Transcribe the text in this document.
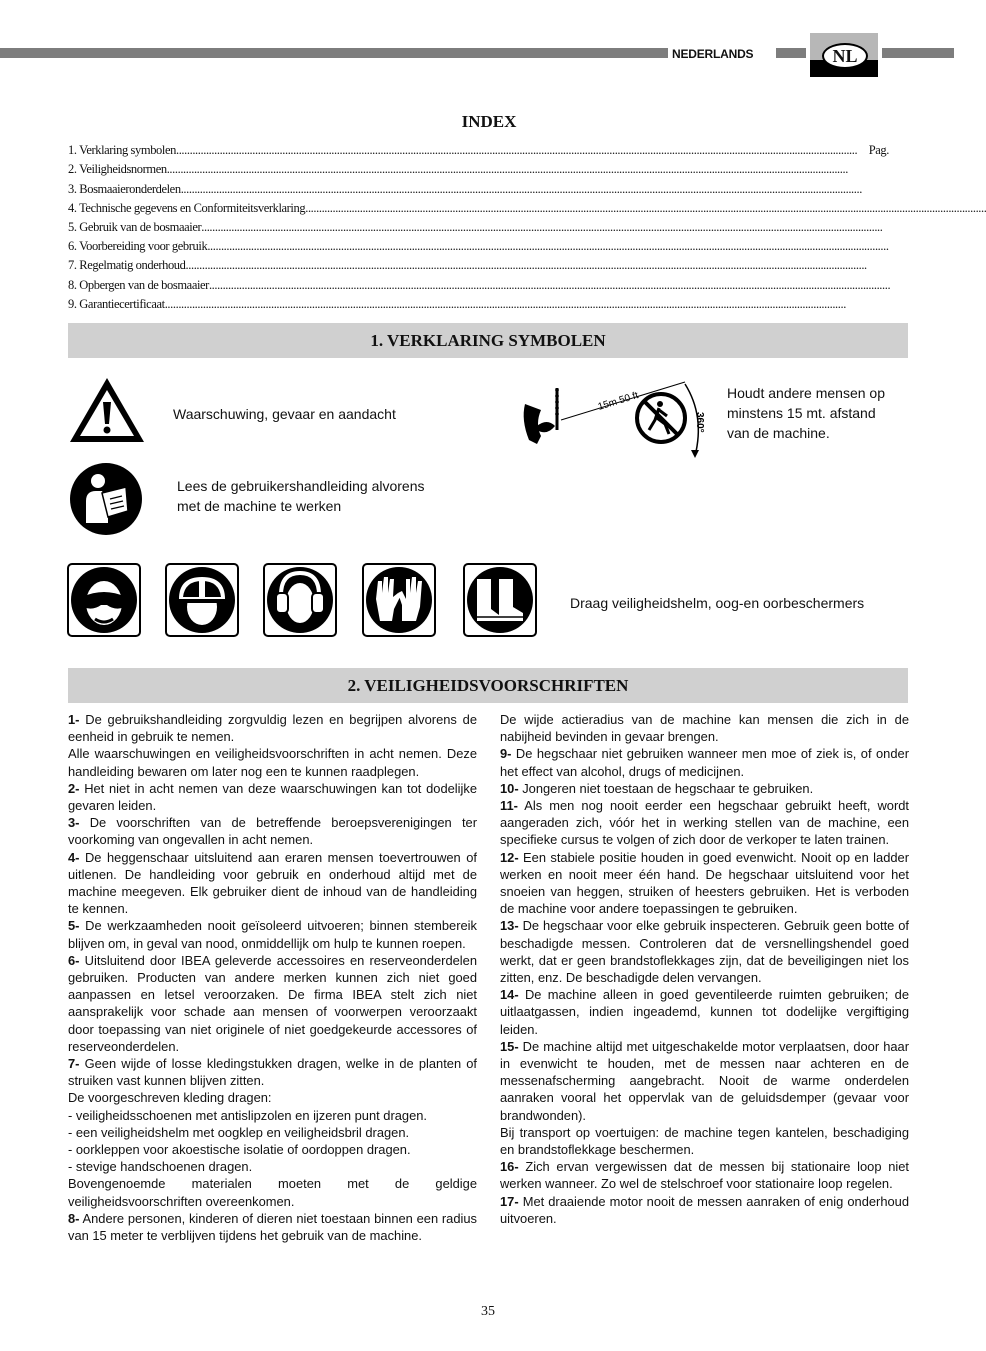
NEDERLANDS	NL
INDEX
1. Verklaring symbolen .......................................................................................................................................................................................................................................................... Pag.
2. Veiligheidsnormen ..........................................................................................................................................................................................................................................................
3. Bosmaaieronderdelen ..........................................................................................................................................................................................................................................................
4. Technische gegevens en Conformiteitsverklaring ..........................................................................................................................................................................................................................................................
5. Gebruik van de bosmaaier ..........................................................................................................................................................................................................................................................
6. Voorbereiding voor gebruik ..........................................................................................................................................................................................................................................................
7. Regelmatig onderhoud ..........................................................................................................................................................................................................................................................
8. Opbergen van de bosmaaier ..........................................................................................................................................................................................................................................................
9. Garantiecertificaat ..........................................................................................................................................................................................................................................................
1. VERKLARING SYMBOLEN
Waarschuwing, gevaar en aandacht
Lees de gebruikershandleiding alvorens
met de machine te werken
15m 50 ft
360°
Houdt andere mensen op
minstens 15 mt. afstand
van de machine.
Draag veiligheidshelm, oog-en oorbeschermers
2. VEILIGHEIDSVOORSCHRIFTEN

1- De gebruikshandleiding zorgvuldig lezen en begrijpen alvorens de eenheid in gebruik te nemen.

Alle waarschuwingen en veiligheidsvoorschriften in acht nemen. Deze handleiding bewaren om later nog een te kunnen raadplegen.

2- Het niet in acht nemen van deze waarschuwingen kan tot dodelijke gevaren leiden.

3- De voorschriften van de betreffende beroepsverenigingen ter voorkoming van ongevallen in acht nemen.

4- De heggenschaar uitsluitend aan eraren mensen toevertrouwen of uitlenen. De handleiding voor gebruik en onderhoud altijd met de machine meegeven. Elk gebruiker dient de inhoud van de handleiding te kennen.

5- De werkzaamheden nooit geïsoleerd uitvoeren; binnen stembereik blijven om, in geval van nood, onmiddellijk om hulp te kunnen roepen.

6- Uitsluitend door IBEA geleverde accessoires en reserveonderdelen gebruiken. Producten van andere merken kunnen zich niet goed aanpassen en letsel veroorzaken. De firma IBEA stelt zich niet aansprakelijk voor schade aan mensen of voorwerpen veroorzaakt door toepassing van niet originele of niet goedgekeurde accessores of reserveonderdelen.

7- Geen wijde of losse kledingstukken dragen, welke in de planten of struiken vast kunnen blijven zitten.

De voorgeschreven kleding dragen:

- veiligheidsschoenen met antislipzolen en ijzeren punt dragen.

- een veiligheidshelm met oogklep en veiligheidsbril dragen.

- oorkleppen voor akoestische isolatie of oordoppen dragen.

- stevige handschoenen dragen.

Bovengenoemde materialen moeten met de geldige veiligheidsvoorschriften overeenkomen.

8- Andere personen, kinderen of dieren niet toestaan binnen een radius van 15 meter te verblijven tijdens het gebruik van de machine.

De wijde actieradius van de machine kan mensen die zich in de nabijheid bevinden in gevaar brengen.

9- De hegschaar niet gebruiken wanneer men moe of ziek is, of onder het effect van alcohol, drugs of medicijnen.

10- Jongeren niet toestaan de hegschaar te gebruiken.

11- Als men nog nooit eerder een hegschaar gebruikt heeft, wordt aangeraden zich, vóór het in werking stellen van de machine, een specifieke cursus te volgen of zich door de verkoper te laten trainen.

12- Een stabiele positie houden in goed evenwicht. Nooit op en ladder werken en nooit meer één hand. De hegschaar uitsluitend voor het snoeien van heggen, struiken of heesters gebruiken. Het is verboden de machine voor andere toepassingen te gebruiken.

13- De hegschaar voor elke gebruik inspecteren. Gebruik geen botte of beschadigde messen. Controleren dat de versnellingshendel goed werkt, dat er geen brandstoflekkages zijn, dat de beveiligingen niet los zitten, enz. De beschadigde delen vervangen.

14- De machine alleen in goed geventileerde ruimten gebruiken; de uitlaatgassen, indien ingeademd, kunnen tot dodelijke vergiftiging leiden.

15- De machine altijd met uitgeschakelde motor verplaatsen, door haar in evenwicht te houden, met de messen naar achteren en de messenafscherming aangebracht. Nooit de warme onderdelen aanraken vooral het oppervlak van de geluidsdemper (gevaar voor brandwonden).

Bij transport op voertuigen: de machine tegen kantelen, beschadiging en brandstoflekkage beschermen.

16- Zich ervan vergewissen dat de messen bij stationaire loop niet werken wanneer. Zo wel de stelschroef voor stationaire loop regelen.

17- Met draaiende motor nooit de messen aanraken of enig onderhoud uitvoeren.

35
